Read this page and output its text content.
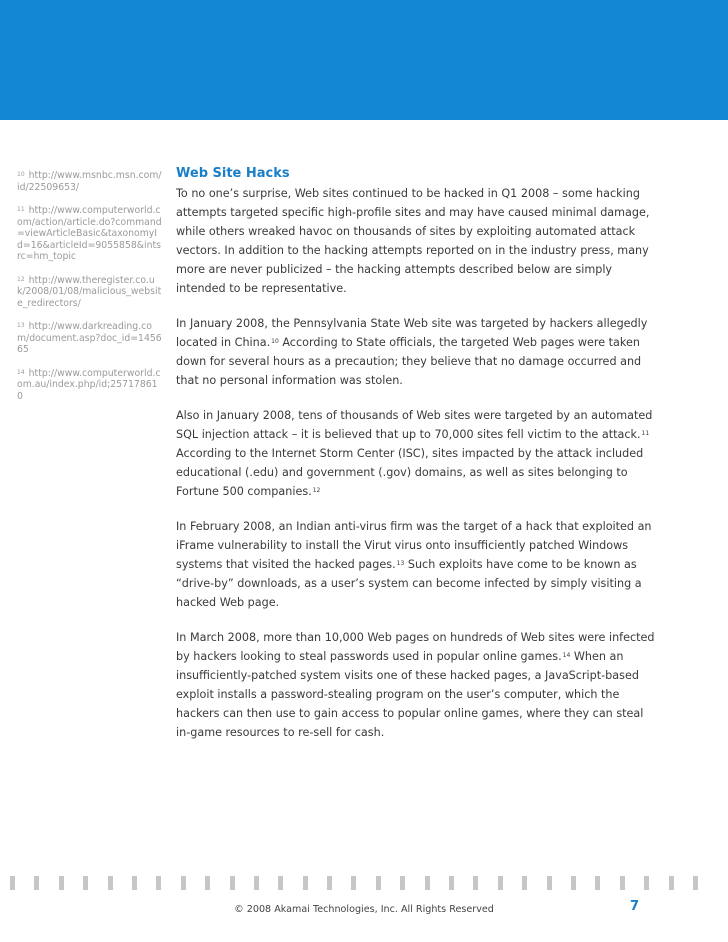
$^{10}$ http://www.msnbc.msn.com/id/22509653/
$^{11}$ http://www.computerworld.com/action/article.do?command=viewArticleBasic&taxonomyId=16&articleId=9055858&intsrc=hm_topic
$^{12}$ http://www.theregister.co.uk/2008/01/08/malicious_website_redirectors/
$^{13}$ http://www.darkreading.com/document.asp?doc_id=145665
$^{14}$ http://www.computerworld.com.au/index.php/id;257178610
Web Site Hacks

To no one’s surprise, Web sites continued to be hacked in Q1 2008 – some hacking attempts targeted specific high-profile sites and may have caused minimal damage, while others wreaked havoc on thousands of sites by exploiting automated attack vectors. In addition to the hacking attempts reported on in the industry press, many more are never publicized – the hacking attempts described below are simply intended to be representative.

In January 2008, the Pennsylvania State Web site was targeted by hackers allegedly located in China.$^{10}$ According to State officials, the targeted Web pages were taken down for several hours as a precaution; they believe that no damage occurred and that no personal information was stolen.

Also in January 2008, tens of thousands of Web sites were targeted by an automated SQL injection attack – it is believed that up to 70,000 sites fell victim to the attack.$^{11}$ According to the Internet Storm Center (ISC), sites impacted by the attack included educational (.edu) and government (.gov) domains, as well as sites belonging to Fortune 500 companies.$^{12}$

In February 2008, an Indian anti-virus firm was the target of a hack that exploited an iFrame vulnerability to install the Virut virus onto insufficiently patched Windows systems that visited the hacked pages.$^{13}$ Such exploits have come to be known as “drive-by” downloads, as a user’s system can become infected by simply visiting a hacked Web page.

In March 2008, more than 10,000 Web pages on hundreds of Web sites were infected by hackers looking to steal passwords used in popular online games.$^{14}$ When an insufficiently-patched system visits one of these hacked pages, a JavaScript-based exploit installs a password-stealing program on the user’s computer, which the hackers can then use to gain access to popular online games, where they can steal in-game resources to re-sell for cash.

© 2008 Akamai Technologies, Inc. All Rights Reserved	7
